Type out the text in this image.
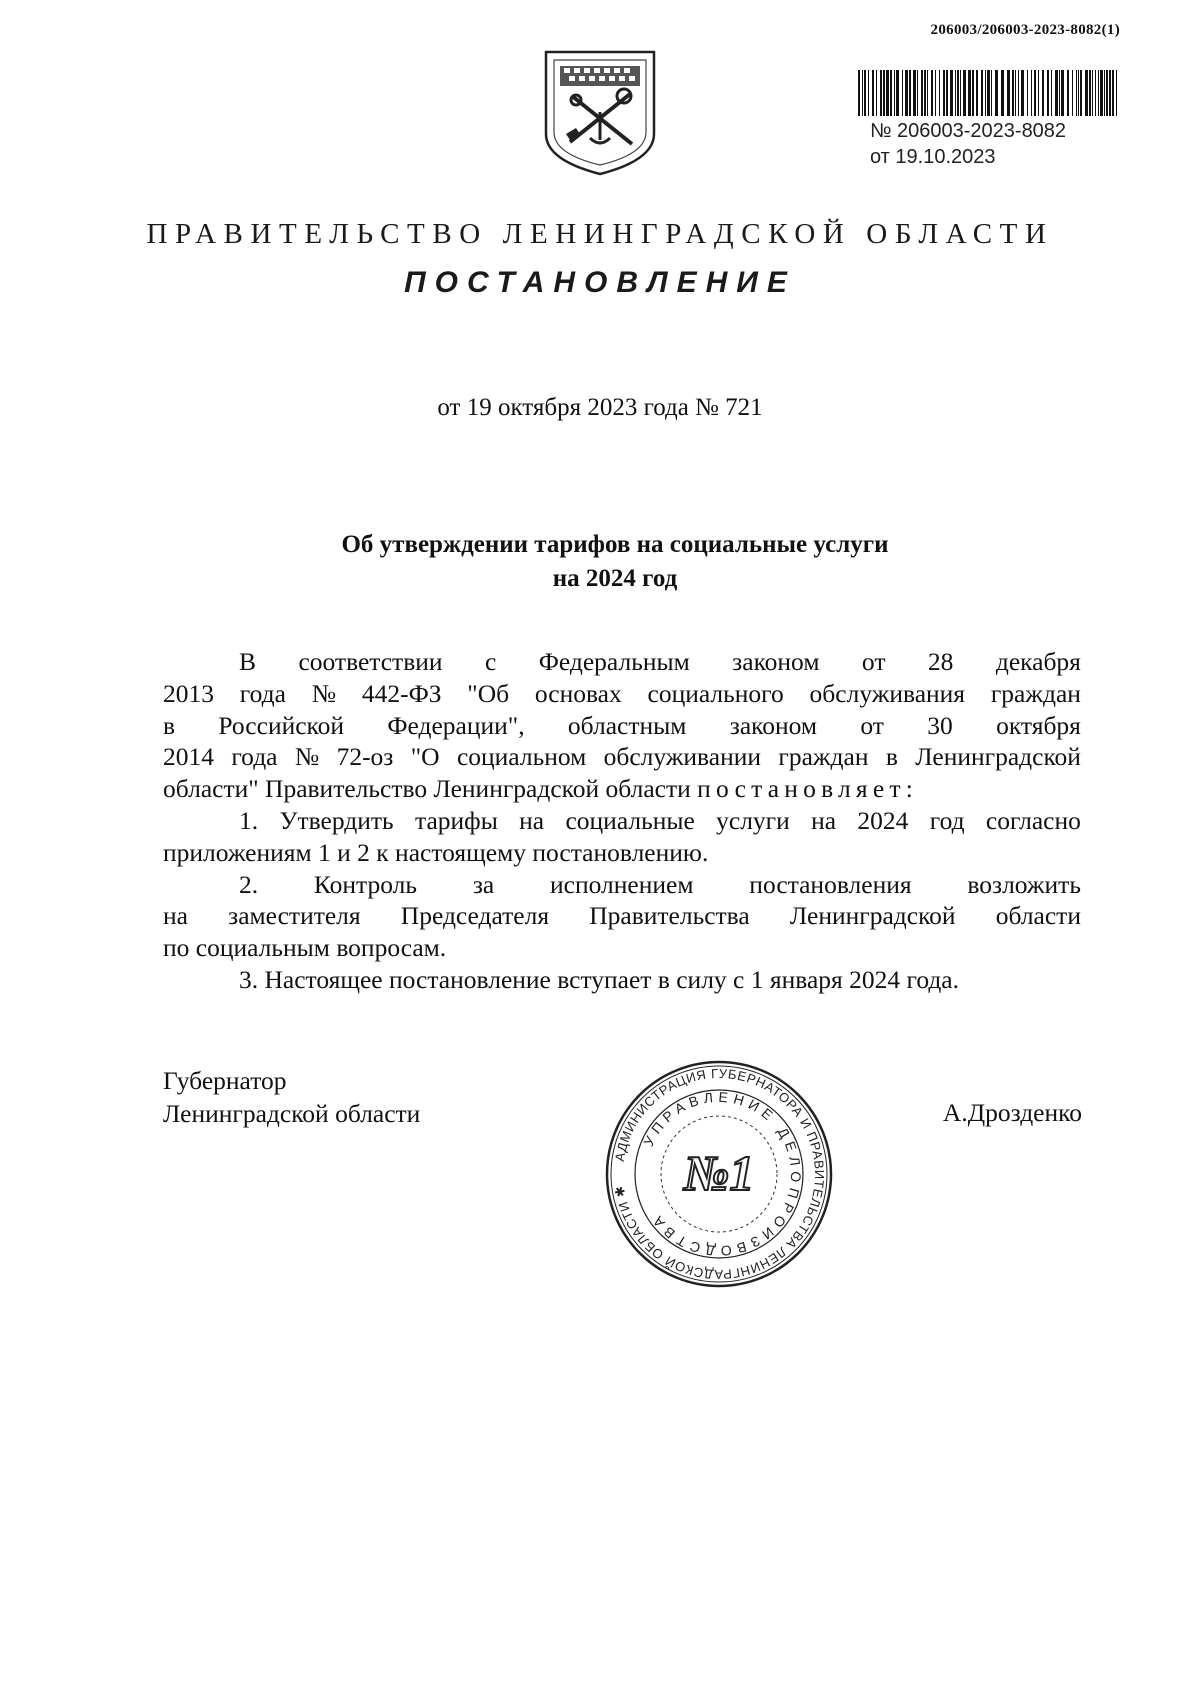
206003/206003-2023-8082(1)
№ 206003-2023-8082
от 19.10.2023
ПРАВИТЕЛЬСТВО ЛЕНИНГРАДСКОЙ ОБЛАСТИ
ПОСТАНОВЛЕНИЕ
от 19 октября 2023 года № 721
Об утверждении тарифов на социальные услуги
на 2024 год
В соответствии с Федеральным законом от 28 декабря
2013 года № 442-ФЗ "Об основах социального обслуживания граждан
в Российской Федерации", областным законом от 30 октября
2014 года № 72-оз "О социальном обслуживании граждан в Ленинградской
области" Правительство Ленинградской области постановляет:
1. Утвердить тарифы на социальные услуги на 2024 год согласно
приложениям 1 и 2 к настоящему постановлению.
2. Контроль за исполнением постановления возложить
на заместителя Председателя Правительства Ленинградской области
по социальным вопросам.
3. Настоящее постановление вступает в силу с 1 января 2024 года.
Губернатор
Ленинградской области	А.Дрозденко
АДМИНИСТРАЦИЯ ГУБЕРНАТОРА И ПРАВИТЕЛЬСТВА ЛЕНИНГРАДСКОЙ ОБЛАСТИ ✱
УПРАВЛЕНИЕ ДЕЛОПРОИЗВОДСТВА
№1
